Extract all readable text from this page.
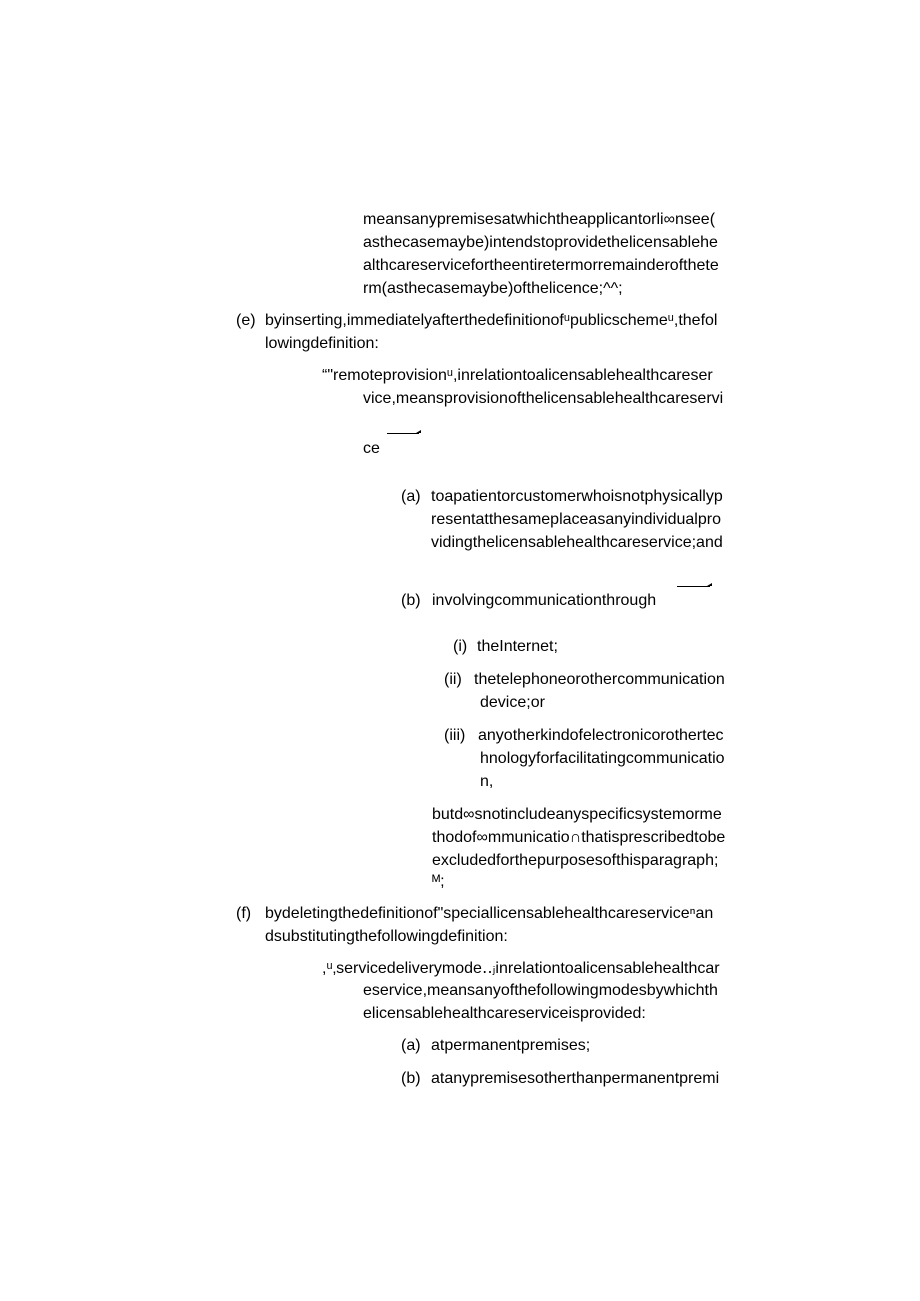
meansanypremisesatwhichtheapplicantorli∞nsee(
asthecasemaybe)intendstoprovidethelicensablehe
althcareservicefortheentiretermorremainderofthete
rm(asthecasemaybe)ofthelicence;^^;
(e) byinserting,immediatelyafterthedefinitionofᵘpublicschemeᵘ,thefol
lowingdefinition:
“"remoteprovisionᵘ,inrelationtoalicensablehealthcareser
vice,meansprovisionofthelicensablehealthcareservi
ce
(a) toapatientorcustomerwhoisnotphysicallyp
resentatthesameplaceasanyindividualpro
vidingthelicensablehealthcareservice;and
(b) involvingcommunicationthrough
(i) theInternet;
(ii) thetelephoneorothercommunication
device;or
(iii) anyotherkindofelectronicorothertec
hnologyforfacilitatingcommunicatio
n,
butd∞snotincludeanyspecificsystemorme
thodof∞mmunicatio∩thatisprescribedtobe
excludedforthepurposesofthisparagraph;
ᴹ;
(f) bydeletingthedefinitionof"speciallicensablehealthcareserviceⁿan
dsubstitutingthefollowingdefinition:
,ᵘ‚servicedeliverymode‥ⱼinrelationtoalicensablehealthcar
eservice,meansanyofthefollowingmodesbywhichth
elicensablehealthcareserviceisprovided:
(a) atpermanentpremises;
(b) atanypremisesotherthanpermanentpremi
